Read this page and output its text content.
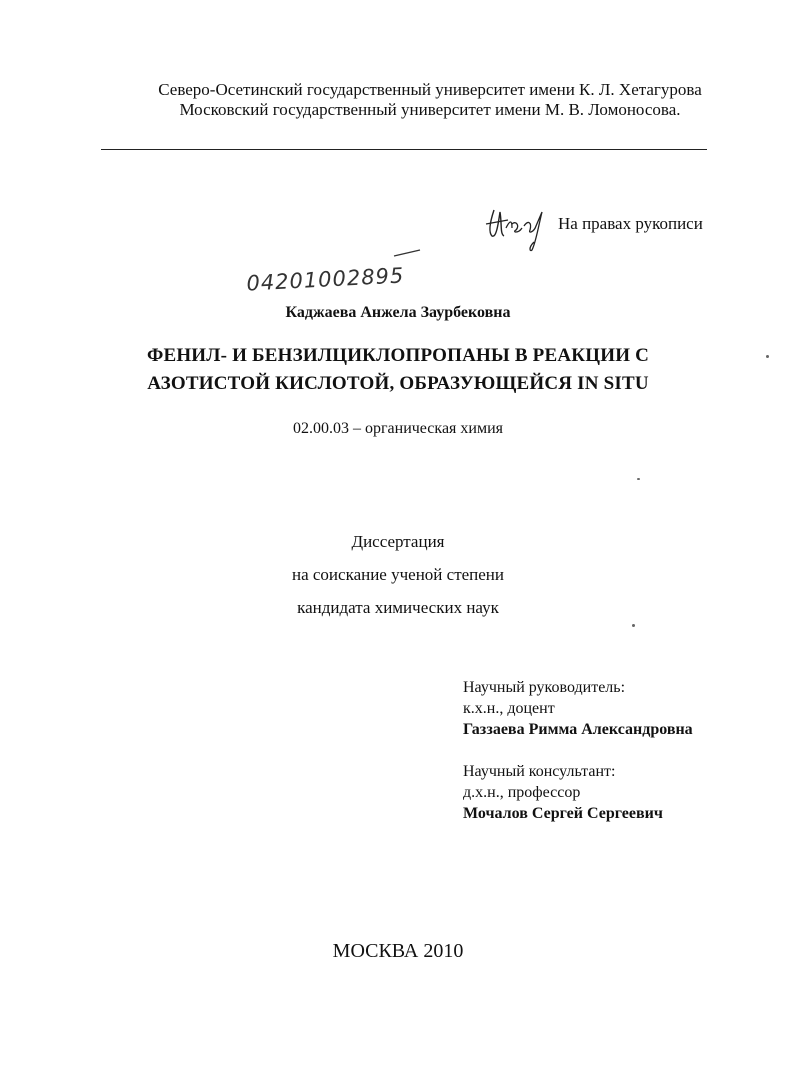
Северо-Осетинский государственный университет имени К. Л. Хетагурова
Московский государственный университет имени М. В. Ломоносова.
На правах рукописи
04201002895
Каджаева Анжела Заурбековна
ФЕНИЛ- И БЕНЗИЛЦИКЛОПРОПАНЫ В РЕАКЦИИ С
АЗОТИСТОЙ КИСЛОТОЙ, ОБРАЗУЮЩЕЙСЯ IN SITU
02.00.03 – органическая химия
Диссертация
на соискание ученой степени
кандидата химических наук
Научный руководитель:
к.х.н., доцент
Газзаева Римма Александровна
Научный консультант:
д.х.н., профессор
Мочалов Сергей Сергеевич
МОСКВА 2010
